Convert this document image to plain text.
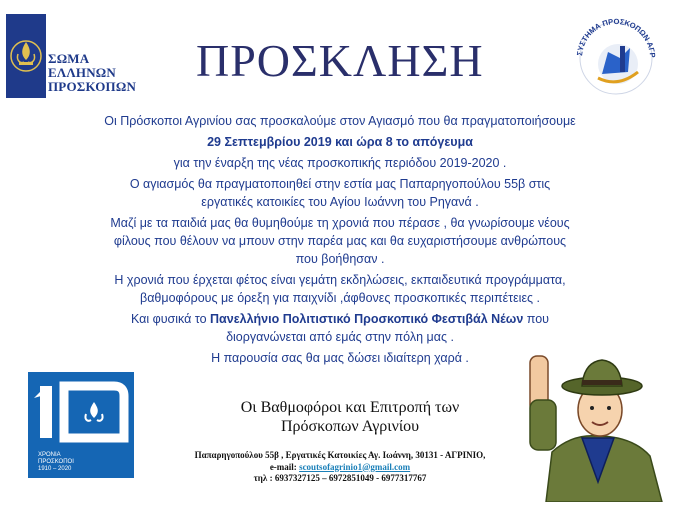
ΣΩΜΑ
ΕΛΛΗΝΩΝ
ΠΡΟΣΚΟΠΩΝ
ΠΡΟΣΚΛΗΣΗ	ΣΥΣΤΗΜΑ ΠΡΟΣΚΟΠΩΝ ΑΓΡ

Οι Πρόσκοποι Αγρινίου σας προσκαλούμε στον Αγιασμό που θα πραγματοποιήσουμε

29 Σεπτεμβρίου 2019 και ώρα 8 το απόγευμα

για την έναρξη της νέας προσκοπικής περιόδου 2019-2020 .

Ο αγιασμός θα πραγματοποιηθεί στην εστία μας Παπαρηγοπούλου 55β στις

εργατικές κατοικίες του Αγίου Ιωάννη του Ρηγανά .

Μαζί με τα παιδιά μας θα θυμηθούμε τη χρονιά που πέρασε , θα γνωρίσουμε νέους

φίλους που θέλουν να μπουν στην παρέα μας και θα ευχαριστήσουμε ανθρώπους

που βοήθησαν .

Η χρονιά που έρχεται φέτος είναι γεμάτη εκδηλώσεις, εκπαιδευτικά προγράμματα,

βαθμοφόρους με όρεξη για παιχνίδι ,άφθονες προσκοπικές περιπέτειες .

Και φυσικά το Πανελλήνιο Πολιτιστικό Προσκοπικό Φεστιβάλ Νέων που

διοργανώνεται από εμάς στην πόλη μας .

Η παρουσία σας θα μας δώσει ιδιαίτερη χαρά .

ΧΡΟΝΙΑ
ΠΡΟΣΚΟΠΟΙ
1910 – 2020
Οι Βαθμοφόροι και Επιτροπή των
Πρόσκοπων Αγρινίου
Παπαρηγοπούλου 55β , Εργατικές Κατοικίες Αγ. Ιωάννη, 30131 - ΑΓΡΙΝΙΟ,
e-mail: scoutsofagrinio1@gmail.com
τηλ : 6937327125 – 6972851049 - 6977317767
